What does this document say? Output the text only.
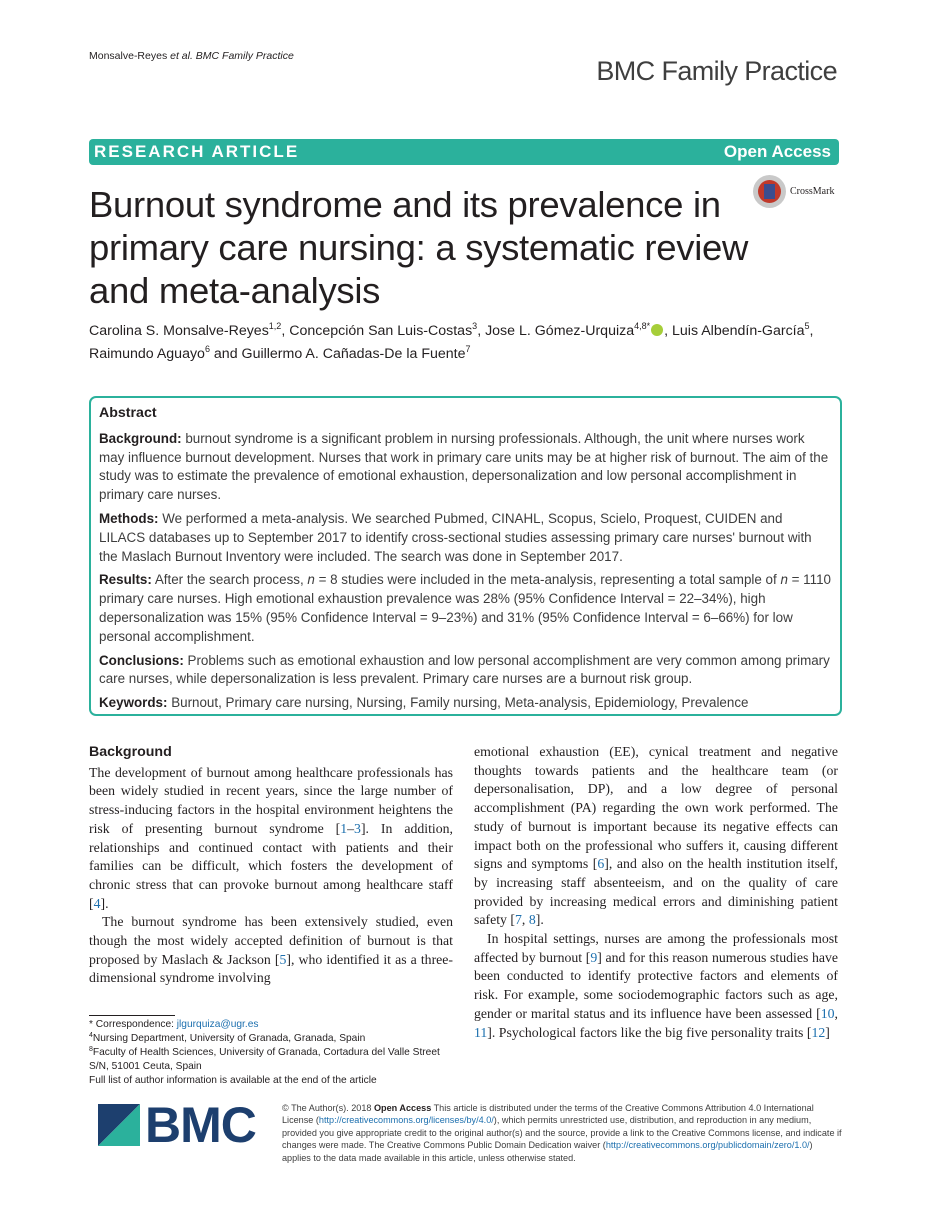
Monsalve-Reyes et al. BMC Family Practice	BMC Family Practice
RESEARCH ARTICLE	Open Access
CrossMark
Burnout syndrome and its prevalence in primary care nursing: a systematic review and meta-analysis
Carolina S. Monsalve-Reyes$^{1,2}$, Concepción San Luis-Costas$^3$, Jose L. Gómez-Urquiza$^{4,8*}$ , Luis Albendín-García$^5$,
Raimundo Aguayo$^6$ and Guillermo A. Cañadas-De la Fuente$^7$
Abstract

Background: burnout syndrome is a significant problem in nursing professionals. Although, the unit where nurses work may influence burnout development. Nurses that work in primary care units may be at higher risk of burnout. The aim of the study was to estimate the prevalence of emotional exhaustion, depersonalization and low personal accomplishment in primary care nurses.

Methods: We performed a meta-analysis. We searched Pubmed, CINAHL, Scopus, Scielo, Proquest, CUIDEN and LILACS databases up to September 2017 to identify cross-sectional studies assessing primary care nurses' burnout with the Maslach Burnout Inventory were included. The search was done in September 2017.

Results: After the search process, n = 8 studies were included in the meta-analysis, representing a total sample of n = 1110 primary care nurses. High emotional exhaustion prevalence was 28% (95% Confidence Interval = 22–34%), high depersonalization was 15% (95% Confidence Interval = 9–23%) and 31% (95% Confidence Interval = 6–66%) for low personal accomplishment.

Conclusions: Problems such as emotional exhaustion and low personal accomplishment are very common among primary care nurses, while depersonalization is less prevalent. Primary care nurses are a burnout risk group.

Keywords: Burnout, Primary care nursing, Nursing, Family nursing, Meta-analysis, Epidemiology, Prevalence

Background

The development of burnout among healthcare professionals has been widely studied in recent years, since the large number of stress-inducing factors in the hospital environment heightens the risk of presenting burnout syndrome [1–3]. In addition, relationships and continued contact with patients and their families can be difficult, which fosters the development of chronic stress that can provoke burnout among healthcare staff [4].

The burnout syndrome has been extensively studied, even though the most widely accepted definition of burnout is that proposed by Maslach & Jackson [5], who identified it as a three-dimensional syndrome involving

emotional exhaustion (EE), cynical treatment and negative thoughts towards patients and the healthcare team (or depersonalisation, DP), and a low degree of personal accomplishment (PA) regarding the own work performed. The study of burnout is important because its negative effects can impact both on the professional who suffers it, causing different signs and symptoms [6], and also on the health institution itself, by increasing staff absenteeism, and on the quality of care provided by increasing medical errors and diminishing patient safety [7, 8].

In hospital settings, nurses are among the professionals most affected by burnout [9] and for this reason numerous studies have been conducted to identify protective factors and elements of risk. For example, some sociodemographic factors such as age, gender or marital status and its influence have been assessed [10, 11]. Psychological factors like the big five personality traits [12]

* Correspondence: jlgurquiza@ugr.es
$^4$Nursing Department, University of Granada, Granada, Spain
$^8$Faculty of Health Sciences, University of Granada, Cortadura del Valle Street S/N, 51001 Ceuta, Spain
Full list of author information is available at the end of the article
BMC	© The Author(s). 2018 Open Access This article is distributed under the terms of the Creative Commons Attribution 4.0 International License (http://creativecommons.org/licenses/by/4.0/), which permits unrestricted use, distribution, and reproduction in any medium, provided you give appropriate credit to the original author(s) and the source, provide a link to the Creative Commons license, and indicate if changes were made. The Creative Commons Public Domain Dedication waiver (http://creativecommons.org/publicdomain/zero/1.0/) applies to the data made available in this article, unless otherwise stated.
